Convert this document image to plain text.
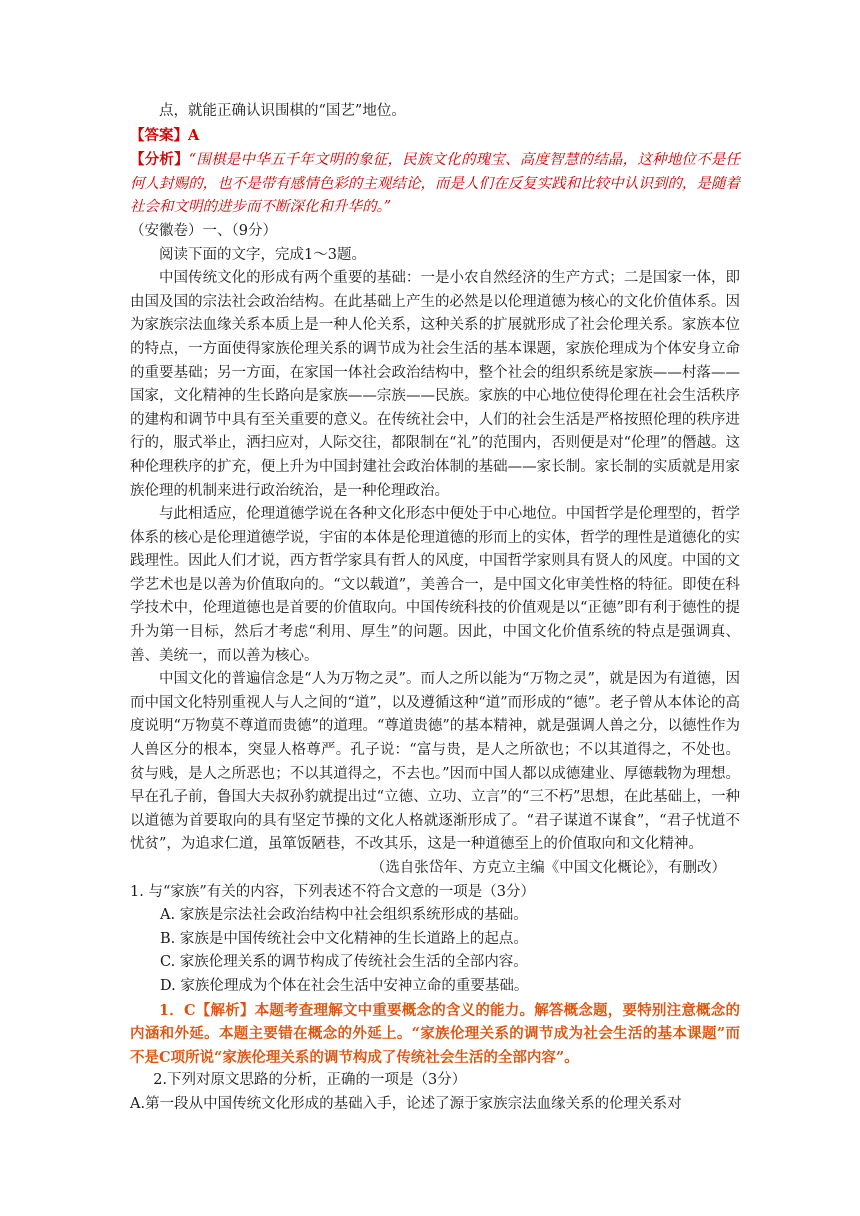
点，就能正确认识围棋的“国艺”地位。

【答案】A

【分析】“围棋是中华五千年文明的象征，民族文化的瑰宝、高度智慧的结晶，这种地位不是任何人封赐的，也不是带有感情色彩的主观结论，而是人们在反复实践和比较中认识到的，是随着社会和文明的进步而不断深化和升华的。”

（安徽卷）一、（9分）

阅读下面的文字，完成1～3题。

中国传统文化的形成有两个重要的基础：一是小农自然经济的生产方式；二是国家一体，即由国及国的宗法社会政治结构。在此基础上产生的必然是以伦理道德为核心的文化价值体系。因为家族宗法血缘关系本质上是一种人伦关系，这种关系的扩展就形成了社会伦理关系。家族本位的特点，一方面使得家族伦理关系的调节成为社会生活的基本课题，家族伦理成为个体安身立命的重要基础；另一方面，在家国一体社会政治结构中，整个社会的组织系统是家族——村落——国家，文化精神的生长路向是家族——宗族——民族。家族的中心地位使得伦理在社会生活秩序的建构和调节中具有至关重要的意义。在传统社会中，人们的社会生活是严格按照伦理的秩序进行的，服式举止，洒扫应对，人际交往，都限制在“礼”的范围内，否则便是对“伦理”的僭越。这种伦理秩序的扩充，便上升为中国封建社会政治体制的基础——家长制。家长制的实质就是用家族伦理的机制来进行政治统治，是一种伦理政治。

与此相适应，伦理道德学说在各种文化形态中便处于中心地位。中国哲学是伦理型的，哲学体系的核心是伦理道德学说，宇宙的本体是伦理道德的形而上的实体，哲学的理性是道德化的实践理性。因此人们才说，西方哲学家具有哲人的风度，中国哲学家则具有贤人的风度。中国的文学艺术也是以善为价值取向的。“文以载道”，美善合一，是中国文化审美性格的特征。即使在科学技术中，伦理道德也是首要的价值取向。中国传统科技的价值观是以“正德”即有利于德性的提升为第一目标，然后才考虑“利用、厚生”的问题。因此，中国文化价值系统的特点是强调真、善、美统一，而以善为核心。

中国文化的普遍信念是“人为万物之灵”。而人之所以能为“万物之灵”，就是因为有道德，因而中国文化特别重视人与人之间的“道”，以及遵循这种“道”而形成的“德”。老子曾从本体论的高度说明“万物莫不尊道而贵德”的道理。“尊道贵德”的基本精神，就是强调人兽之分，以德性作为人兽区分的根本，突显人格尊严。孔子说：“富与贵，是人之所欲也；不以其道得之，不处也。贫与贱，是人之所恶也；不以其道得之，不去也。”因而中国人都以成德建业、厚德载物为理想。早在孔子前，鲁国大夫叔孙豹就提出过“立德、立功、立言”的“三不朽”思想，在此基础上，一种以道德为首要取向的具有坚定节操的文化人格就逐渐形成了。“君子谋道不谋食”，“君子忧道不忧贫”，为追求仁道，虽箪饭陋巷，不改其乐，这是一种道德至上的价值取向和文化精神。

（选自张岱年、方克立主编《中国文化概论》，有删改）

1. 与“家族”有关的内容，下列表述不符合文意的一项是（3分）

A. 家族是宗法社会政治结构中社会组织系统形成的基础。

B. 家族是中国传统社会中文化精神的生长道路上的起点。

C. 家族伦理关系的调节构成了传统社会生活的全部内容。

D. 家族伦理成为个体在社会生活中安神立命的重要基础。

1．C【解析】本题考查理解文中重要概念的含义的能力。解答概念题，要特别注意概念的内涵和外延。本题主要错在概念的外延上。“家族伦理关系的调节成为社会生活的基本课题”而不是C项所说“家族伦理关系的调节构成了传统社会生活的全部内容”。

2.下列对原文思路的分析，正确的一项是（3分）

A.第一段从中国传统文化形成的基础入手，论述了源于家族宗法血缘关系的伦理关系对
